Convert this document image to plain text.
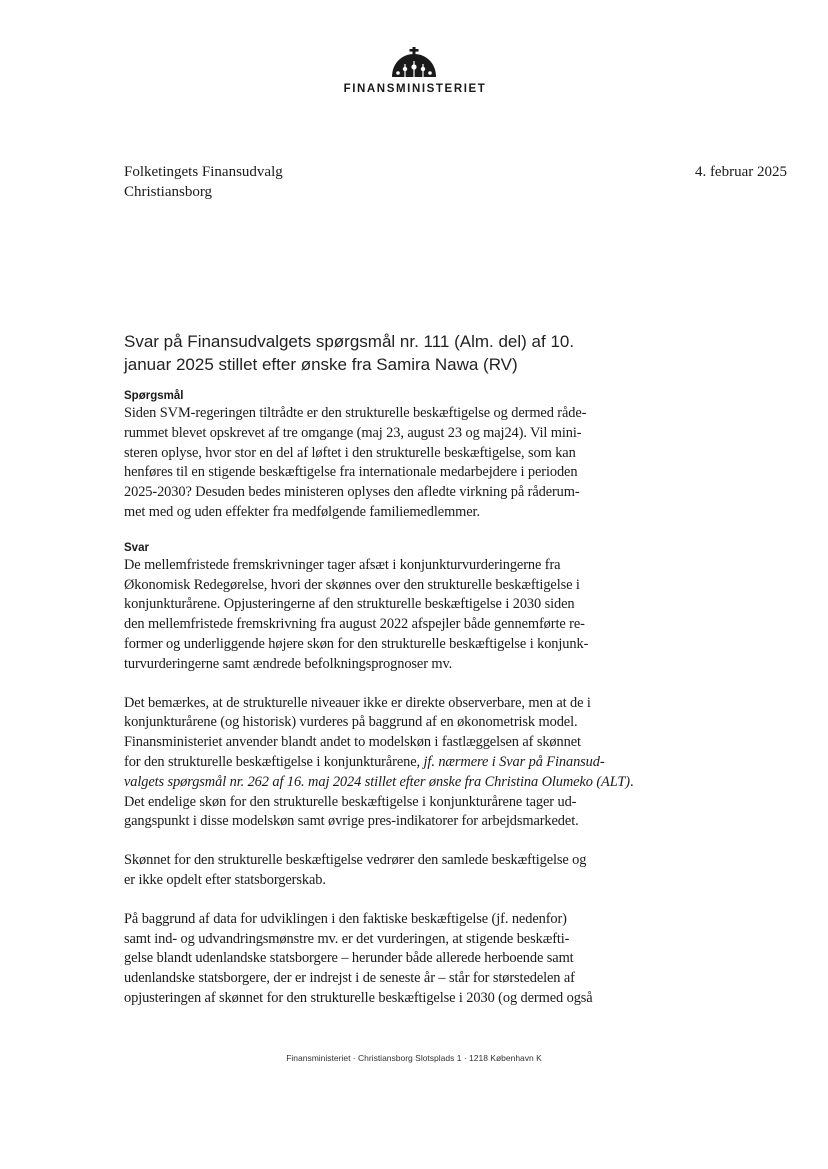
FINANSMINISTERIET
Folketingets Finansudvalg
Christiansborg
4. februar 2025
Svar på Finansudvalgets spørgsmål nr. 111 (Alm. del) af 10.
januar 2025 stillet efter ønske fra Samira Nawa (RV)
Spørgsmål
Siden SVM-regeringen tiltrådte er den strukturelle beskæftigelse og dermed råde-
rummet blevet opskrevet af tre omgange (maj 23, august 23 og maj24). Vil mini-
steren oplyse, hvor stor en del af løftet i den strukturelle beskæftigelse, som kan
henføres til en stigende beskæftigelse fra internationale medarbejdere i perioden
2025-2030? Desuden bedes ministeren oplyses den afledte virkning på råderum-
met med og uden effekter fra medfølgende familiemedlemmer.
Svar
De mellemfristede fremskrivninger tager afsæt i konjunkturvurderingerne fra
Økonomisk Redegørelse, hvori der skønnes over den strukturelle beskæftigelse i
konjunkturårene. Opjusteringerne af den strukturelle beskæftigelse i 2030 siden
den mellemfristede fremskrivning fra august 2022 afspejler både gennemførte re-
former og underliggende højere skøn for den strukturelle beskæftigelse i konjunk-
turvurderingerne samt ændrede befolkningsprognoser mv.
Det bemærkes, at de strukturelle niveauer ikke er direkte observerbare, men at de i
konjunkturårene (og historisk) vurderes på baggrund af en økonometrisk model.
Finansministeriet anvender blandt andet to modelskøn i fastlæggelsen af skønnet
for den strukturelle beskæftigelse i konjunkturårene, jf. nærmere i Svar på Finansud-
valgets spørgsmål nr. 262 af 16. maj 2024 stillet efter ønske fra Christina Olumeko (ALT).
Det endelige skøn for den strukturelle beskæftigelse i konjunkturårene tager ud-
gangspunkt i disse modelskøn samt øvrige pres-indikatorer for arbejdsmarkedet.
Skønnet for den strukturelle beskæftigelse vedrører den samlede beskæftigelse og
er ikke opdelt efter statsborgerskab.
På baggrund af data for udviklingen i den faktiske beskæftigelse (jf. nedenfor)
samt ind- og udvandringsmønstre mv. er det vurderingen, at stigende beskæfti-
gelse blandt udenlandske statsborgere – herunder både allerede herboende samt
udenlandske statsborgere, der er indrejst i de seneste år – står for størstedelen af
opjusteringen af skønnet for den strukturelle beskæftigelse i 2030 (og dermed også
Finansministeriet · Christiansborg Slotsplads 1 · 1218 København K
